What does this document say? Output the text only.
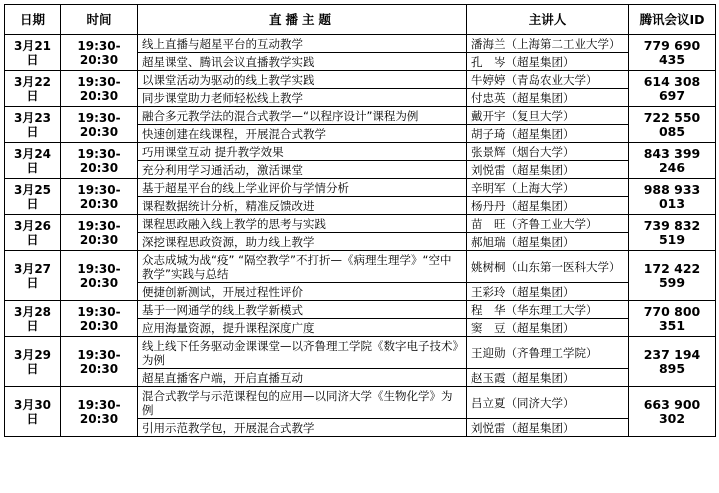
日期	时间	直播主题	主讲人	腾讯会议ID
3月21日	19:30-20:30	线上直播与超星平台的互动教学	潘海兰（上海第二工业大学）	779 690 435
		超星课堂、腾讯会议直播教学实践	孔　岑（超星集团）	
3月22日	19:30-20:30	以课堂活动为驱动的线上教学实践	牛婷婷（青岛农业大学）	614 308 697
		同步课堂助力老师轻松线上教学	付忠英（超星集团）	
3月23日	19:30-20:30	融合多元教学法的混合式教学—“以程序设计”课程为例	戴开宇（复旦大学）	722 550 085
		快速创建在线课程，开展混合式教学	胡子琦（超星集团）	
3月24日	19:30-20:30	巧用课堂互动 提升教学效果	张景辉（烟台大学）	843 399 246
		充分利用学习通活动，激活课堂	刘悦雷（超星集团）	
3月25日	19:30-20:30	基于超星平台的线上学业评价与学情分析	辛明军（上海大学）	988 933 013
		课程数据统计分析，精准反馈改进	杨丹丹（超星集团）	
3月26日	19:30-20:30	课程思政融入线上教学的思考与实践	苗　旺（齐鲁工业大学）	739 832 519
		深挖课程思政资源，助力线上教学	郝旭瑞（超星集团）	
3月27日	19:30-20:30	众志成城为战“疫” “隔空教学”不打折—《病理生理学》“空中教学”实践与总结	姚树桐（山东第一医科大学）	172 422 599
		便捷创新测试，开展过程性评价	王彩玲（超星集团）	
3月28日	19:30-20:30	基于一网通学的线上教学新模式	程　华（华东理工大学）	770 800 351
		应用海量资源，提升课程深度广度	窦　豆（超星集团）	
3月29日	19:30-20:30	线上线下任务驱动金课课堂—以齐鲁理工学院《数字电子技术》为例	王迎勋（齐鲁理工学院）	237 194 895
		超星直播客户端，开启直播互动	赵玉霞（超星集团）	
3月30日	19:30-20:30	混合式教学与示范课程包的应用—以同济大学《生物化学》为例	吕立夏（同济大学）	663 900 302
		引用示范教学包，开展混合式教学	刘悦雷（超星集团）	
